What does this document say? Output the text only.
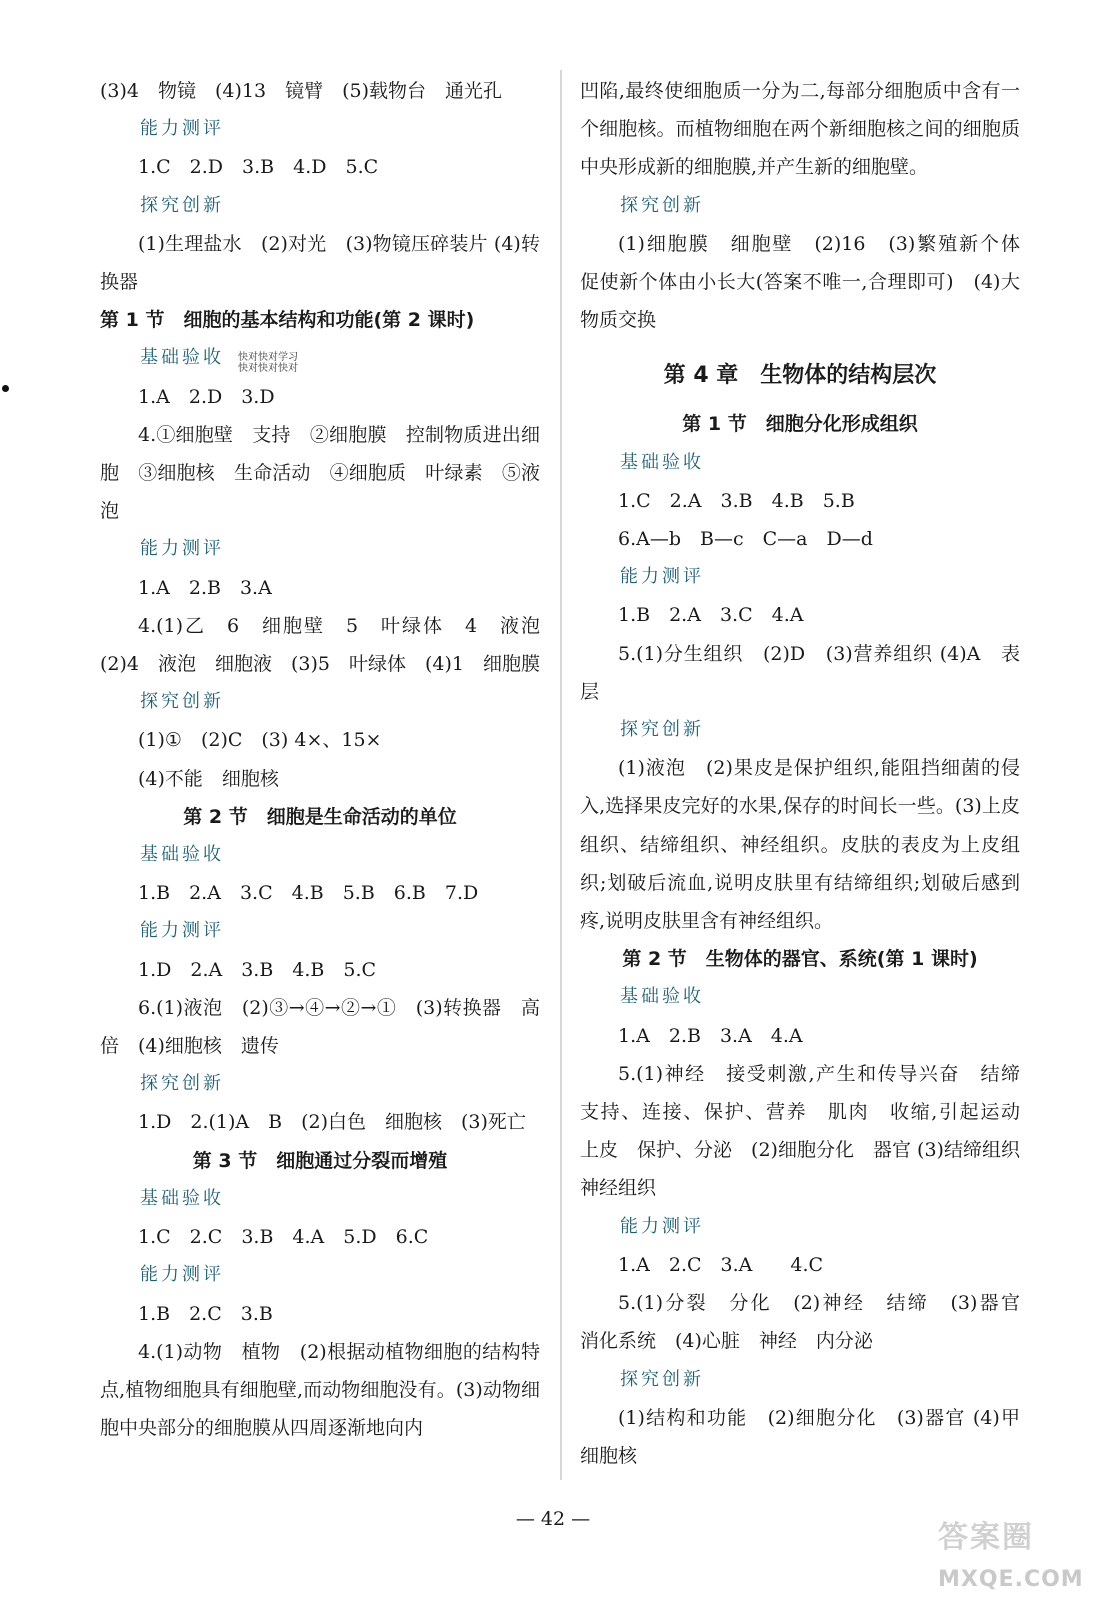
(3)4　物镜　(4)13　镜臂　(5)载物台　通光孔
能力测评
1.C　2.D　3.B　4.D　5.C
探究创新
(1)生理盐水　(2)对光　(3)物镜压碎装片 (4)转换器
第 1 节　细胞的基本结构和功能(第 2 课时)
基础验收
1.A　2.D　3.D
4.①细胞壁　支持　②细胞膜　控制物质进出细胞　③细胞核　生命活动　④细胞质　叶绿素　⑤液泡
能力测评
1.A　2.B　3.A
4.(1)乙　6　细胞壁　5　叶绿体　4　液泡 (2)4　液泡　细胞液　(3)5　叶绿体　(4)1　细胞膜
探究创新
(1)①　(2)C　(3) 4×、15×
(4)不能　细胞核
第 2 节　细胞是生命活动的单位
基础验收
1.B　2.A　3.C　4.B　5.B　6.B　7.D
能力测评
1.D　2.A　3.B　4.B　5.C
6.(1)液泡　(2)③→④→②→①　(3)转换器　高倍　(4)细胞核　遗传
探究创新
1.D　2.(1)A　B　(2)白色　细胞核　(3)死亡
第 3 节　细胞通过分裂而增殖
基础验收
1.C　2.C　3.B　4.A　5.D　6.C
能力测评
1.B　2.C　3.B
4.(1)动物　植物　(2)根据动植物细胞的结构特点,植物细胞具有细胞壁,而动物细胞没有。(3)动物细胞中央部分的细胞膜从四周逐渐地向内
凹陷,最终使细胞质一分为二,每部分细胞质中含有一个细胞核。而植物细胞在两个新细胞核之间的细胞质中央形成新的细胞膜,并产生新的细胞壁。
探究创新
(1)细胞膜　细胞壁　(2)16　(3)繁殖新个体　促使新个体由小长大(答案不唯一,合理即可)　(4)大　物质交换
第 4 章　生物体的结构层次
第 1 节　细胞分化形成组织
基础验收
1.C　2.A　3.B　4.B　5.B
6.A—b　B—c　C—a　D—d
能力测评
1.B　2.A　3.C　4.A
5.(1)分生组织　(2)D　(3)营养组织 (4)A　表层
探究创新
(1)液泡　(2)果皮是保护组织,能阻挡细菌的侵入,选择果皮完好的水果,保存的时间长一些。(3)上皮组织、结缔组织、神经组织。皮肤的表皮为上皮组织;划破后流血,说明皮肤里有结缔组织;划破后感到疼,说明皮肤里含有神经组织。
第 2 节　生物体的器官、系统(第 1 课时)
基础验收
1.A　2.B　3.A　4.A
5.(1)神经　接受刺激,产生和传导兴奋　结缔　支持、连接、保护、营养　肌肉　收缩,引起运动　上皮　保护、分泌　(2)细胞分化　器官 (3)结缔组织　神经组织
能力测评
1.A　2.C　3.A　　4.C
5.(1)分裂　分化　(2)神经　结缔　(3)器官　消化系统　(4)心脏　神经　内分泌
探究创新
(1)结构和功能　(2)细胞分化　(3)器官 (4)甲　细胞核
快对快对学习
快对快对快对
— 42 —
答案圈
MXQE.COM
